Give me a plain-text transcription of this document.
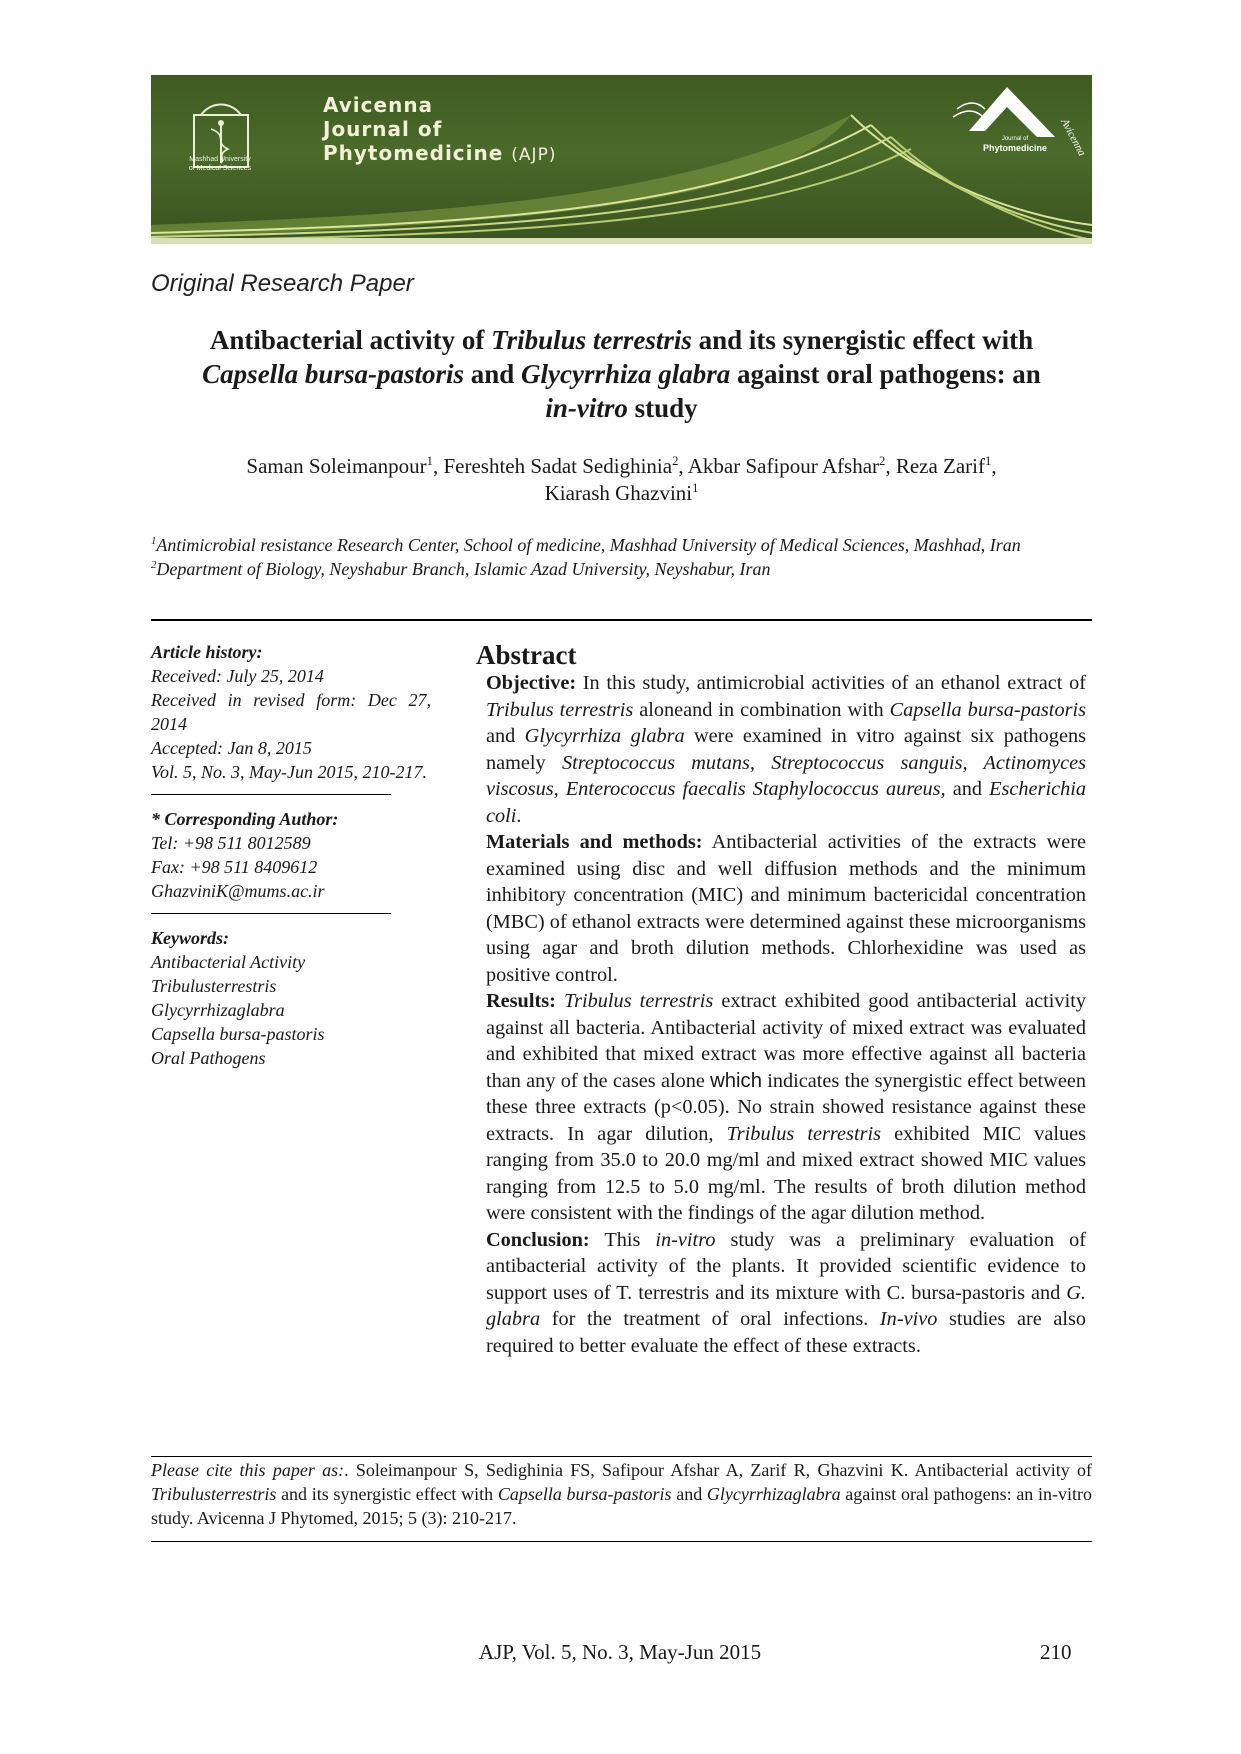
Mashhad University
of Medical Sciences
Avicenna
Journal of
Phytomedicine (AJP)	Avicenna
Journal of
Phytomedicine
Original Research Paper
Antibacterial activity of Tribulus terrestris and its synergistic effect with
Capsella bursa-pastoris and Glycyrrhiza glabra against oral pathogens: an
in-vitro study
Saman Soleimanpour$^1$, Fereshteh Sadat Sedighinia$^2$, Akbar Safipour Afshar$^2$, Reza Zarif$^1$,
Kiarash Ghazvini$^1$
$^1$Antimicrobial resistance Research Center, School of medicine, Mashhad University of Medical Sciences, Mashhad, Iran
$^2$Department of Biology, Neyshabur Branch, Islamic Azad University, Neyshabur, Iran
Article history:
Received: July 25, 2014
Received in revised form: Dec 27, 2014
Accepted: Jan 8, 2015
Vol. 5, No. 3, May-Jun 2015, 210-217.
* Corresponding Author:
Tel: +98 511 8012589
Fax: +98 511 8409612
GhazviniK@mums.ac.ir
Keywords:
Antibacterial Activity
Tribulusterrestris
Glycyrrhizaglabra
Capsella bursa-pastoris
Oral Pathogens
Abstract

Objective: In this study, antimicrobial activities of an ethanol extract of Tribulus terrestris aloneand in combination with Capsella bursa-pastoris and Glycyrrhiza glabra were examined in vitro against six pathogens namely Streptococcus mutans, Streptococcus sanguis, Actinomyces viscosus, Enterococcus faecalis Staphylococcus aureus, and Escherichia coli.

Materials and methods: Antibacterial activities of the extracts were examined using disc and well diffusion methods and the minimum inhibitory concentration (MIC) and minimum bactericidal concentration (MBC) of ethanol extracts were determined against these microorganisms using agar and broth dilution methods. Chlorhexidine was used as positive control.

Results: Tribulus terrestris extract exhibited good antibacterial activity against all bacteria. Antibacterial activity of mixed extract was evaluated and exhibited that mixed extract was more effective against all bacteria than any of the cases alone which indicates the synergistic effect between these three extracts (p<0.05). No strain showed resistance against these extracts. In agar dilution, Tribulus terrestris exhibited MIC values ranging from 35.0 to 20.0 mg/ml and mixed extract showed MIC values ranging from 12.5 to 5.0 mg/ml. The results of broth dilution method were consistent with the findings of the agar dilution method.

Conclusion: This in-vitro study was a preliminary evaluation of antibacterial activity of the plants. It provided scientific evidence to support uses of T. terrestris and its mixture with C. bursa-pastoris and G. glabra for the treatment of oral infections. In-vivo studies are also required to better evaluate the effect of these extracts.

Please cite this paper as:. Soleimanpour S, Sedighinia FS, Safipour Afshar A, Zarif R, Ghazvini K. Antibacterial activity of Tribulusterrestris and its synergistic effect with Capsella bursa-pastoris and Glycyrrhizaglabra against oral pathogens: an in-vitro study. Avicenna J Phytomed, 2015; 5 (3): 210-217.
AJP, Vol. 5, No. 3, May-Jun 2015	210
